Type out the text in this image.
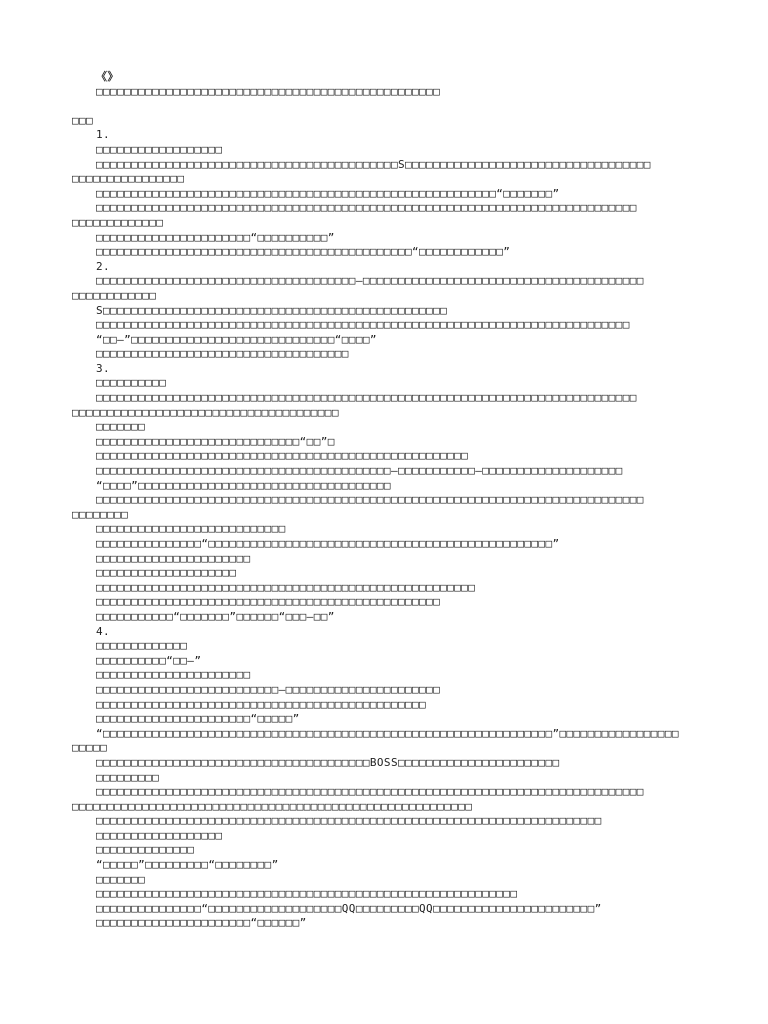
《》
□□□□□□□□□□□□□□□□□□□□□□□□□□□□□□□□□□□□□□□□□□□□□□□□□
□□□
1.
□□□□□□□□□□□□□□□□□□
□□□□□□□□□□□□□□□□□□□□□□□□□□□□□□□□□□□□□□□□□□□S□□□□□□□□□□□□□□□□□□□□□□□□□□□□□□□□□□□
□□□□□□□□□□□□□□□□
□□□□□□□□□□□□□□□□□□□□□□□□□□□□□□□□□□□□□□□□□□□□□□□□□□□□□□□□□“□□□□□□□”
□□□□□□□□□□□□□□□□□□□□□□□□□□□□□□□□□□□□□□□□□□□□□□□□□□□□□□□□□□□□□□□□□□□□□□□□□□□□□
□□□□□□□□□□□□□
□□□□□□□□□□□□□□□□□□□□□□“□□□□□□□□□□”
□□□□□□□□□□□□□□□□□□□□□□□□□□□□□□□□□□□□□□□□□□□□□“□□□□□□□□□□□□”
2.
□□□□□□□□□□□□□□□□□□□□□□□□□□□□□□□□□□□□□—□□□□□□□□□□□□□□□□□□□□□□□□□□□□□□□□□□□□□□□□
□□□□□□□□□□□□
S□□□□□□□□□□□□□□□□□□□□□□□□□□□□□□□□□□□□□□□□□□□□□□□□□
□□□□□□□□□□□□□□□□□□□□□□□□□□□□□□□□□□□□□□□□□□□□□□□□□□□□□□□□□□□□□□□□□□□□□□□□□□□□
“□□—”□□□□□□□□□□□□□□□□□□□□□□□□□□□□□“□□□□”
□□□□□□□□□□□□□□□□□□□□□□□□□□□□□□□□□□□□
3.
□□□□□□□□□□
□□□□□□□□□□□□□□□□□□□□□□□□□□□□□□□□□□□□□□□□□□□□□□□□□□□□□□□□□□□□□□□□□□□□□□□□□□□□□
□□□□□□□□□□□□□□□□□□□□□□□□□□□□□□□□□□□□□□
□□□□□□□
□□□□□□□□□□□□□□□□□□□□□□□□□□□□□“□□”□
□□□□□□□□□□□□□□□□□□□□□□□□□□□□□□□□□□□□□□□□□□□□□□□□□□□□□
□□□□□□□□□□□□□□□□□□□□□□□□□□□□□□□□□□□□□□□□□□—□□□□□□□□□□□—□□□□□□□□□□□□□□□□□□□□
“□□□□”□□□□□□□□□□□□□□□□□□□□□□□□□□□□□□□□□□□□
□□□□□□□□□□□□□□□□□□□□□□□□□□□□□□□□□□□□□□□□□□□□□□□□□□□□□□□□□□□□□□□□□□□□□□□□□□□□□□
□□□□□□□□
□□□□□□□□□□□□□□□□□□□□□□□□□□□
□□□□□□□□□□□□□□□“□□□□□□□□□□□□□□□□□□□□□□□□□□□□□□□□□□□□□□□□□□□□□□□□□”
□□□□□□□□□□□□□□□□□□□□□□
□□□□□□□□□□□□□□□□□□□□
□□□□□□□□□□□□□□□□□□□□□□□□□□□□□□□□□□□□□□□□□□□□□□□□□□□□□□
□□□□□□□□□□□□□□□□□□□□□□□□□□□□□□□□□□□□□□□□□□□□□□□□□
□□□□□□□□□□□“□□□□□□□”□□□□□□“□□□—□□”
4.
□□□□□□□□□□□□□
□□□□□□□□□□“□□—”
□□□□□□□□□□□□□□□□□□□□□□
□□□□□□□□□□□□□□□□□□□□□□□□□□—□□□□□□□□□□□□□□□□□□□□□□
□□□□□□□□□□□□□□□□□□□□□□□□□□□□□□□□□□□□□□□□□□□□□□□
□□□□□□□□□□□□□□□□□□□□□□“□□□□□”
“□□□□□□□□□□□□□□□□□□□□□□□□□□□□□□□□□□□□□□□□□□□□□□□□□□□□□□□□□□□□□□□□”□□□□□□□□□□□□□□□□□
□□□□□
□□□□□□□□□□□□□□□□□□□□□□□□□□□□□□□□□□□□□□□BOSS□□□□□□□□□□□□□□□□□□□□□□□
□□□□□□□□□
□□□□□□□□□□□□□□□□□□□□□□□□□□□□□□□□□□□□□□□□□□□□□□□□□□□□□□□□□□□□□□□□□□□□□□□□□□□□□□
□□□□□□□□□□□□□□□□□□□□□□□□□□□□□□□□□□□□□□□□□□□□□□□□□□□□□□□□□
□□□□□□□□□□□□□□□□□□□□□□□□□□□□□□□□□□□□□□□□□□□□□□□□□□□□□□□□□□□□□□□□□□□□□□□□
□□□□□□□□□□□□□□□□□□
□□□□□□□□□□□□□□
“□□□□□”□□□□□□□□□“□□□□□□□□”
□□□□□□□
□□□□□□□□□□□□□□□□□□□□□□□□□□□□□□□□□□□□□□□□□□□□□□□□□□□□□□□□□□□□
□□□□□□□□□□□□□□□“□□□□□□□□□□□□□□□□□□□QQ□□□□□□□□□QQ□□□□□□□□□□□□□□□□□□□□□□□”
□□□□□□□□□□□□□□□□□□□□□□“□□□□□□”
